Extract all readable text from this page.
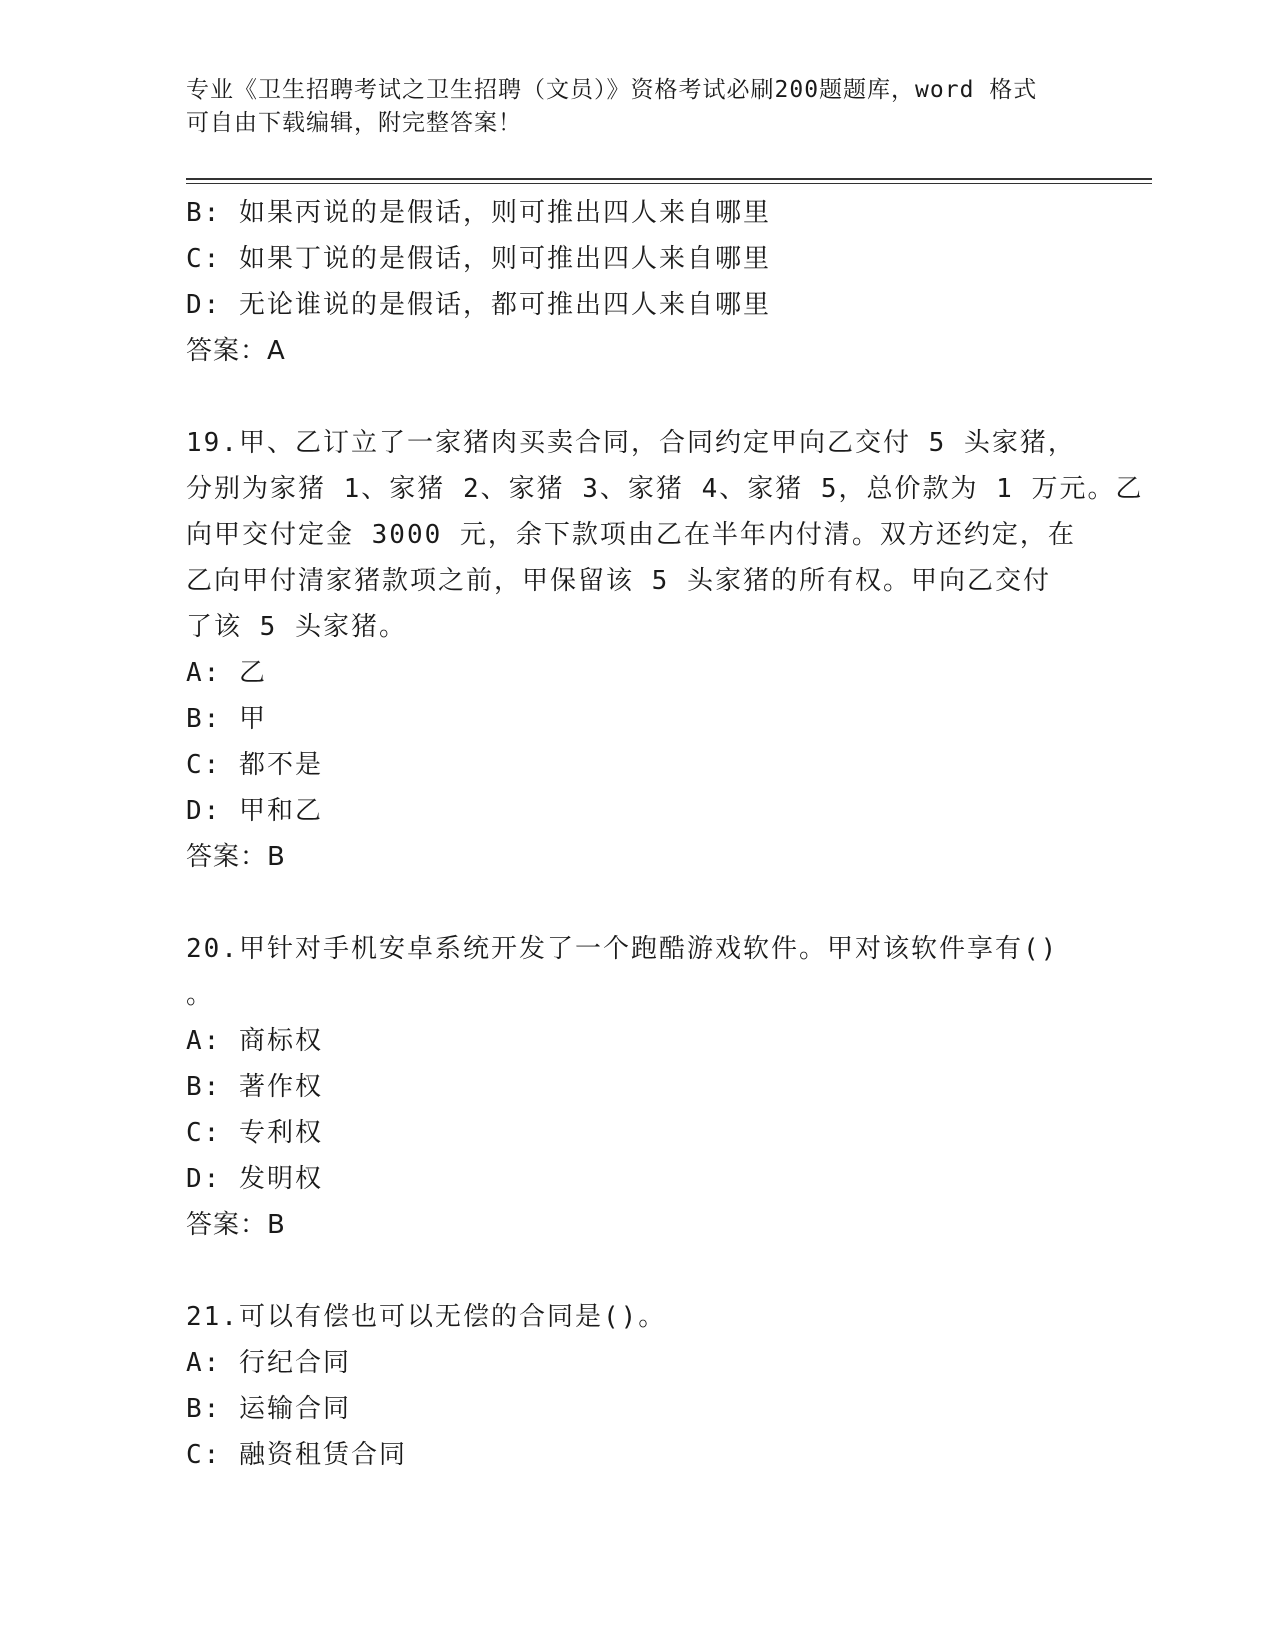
专业《卫生招聘考试之卫生招聘（文员）》资格考试必刷200题题库，word 格式
可自由下载编辑，附完整答案！
B: 如果丙说的是假话，则可推出四人来自哪里
C: 如果丁说的是假话，则可推出四人来自哪里
D: 无论谁说的是假话，都可推出四人来自哪里
答案：A
19.甲、乙订立了一家猪肉买卖合同，合同约定甲向乙交付 5 头家猪，
分别为家猪 1、家猪 2、家猪 3、家猪 4、家猪 5，总价款为 1 万元。乙
向甲交付定金 3000 元，余下款项由乙在半年内付清。双方还约定，在
乙向甲付清家猪款项之前，甲保留该 5 头家猪的所有权。甲向乙交付
了该 5 头家猪。
A: 乙
B: 甲
C: 都不是
D: 甲和乙
答案：B
20.甲针对手机安卓系统开发了一个跑酷游戏软件。甲对该软件享有()
。
A: 商标权
B: 著作权
C: 专利权
D: 发明权
答案：B
21.可以有偿也可以无偿的合同是()。
A: 行纪合同
B: 运输合同
C: 融资租赁合同
